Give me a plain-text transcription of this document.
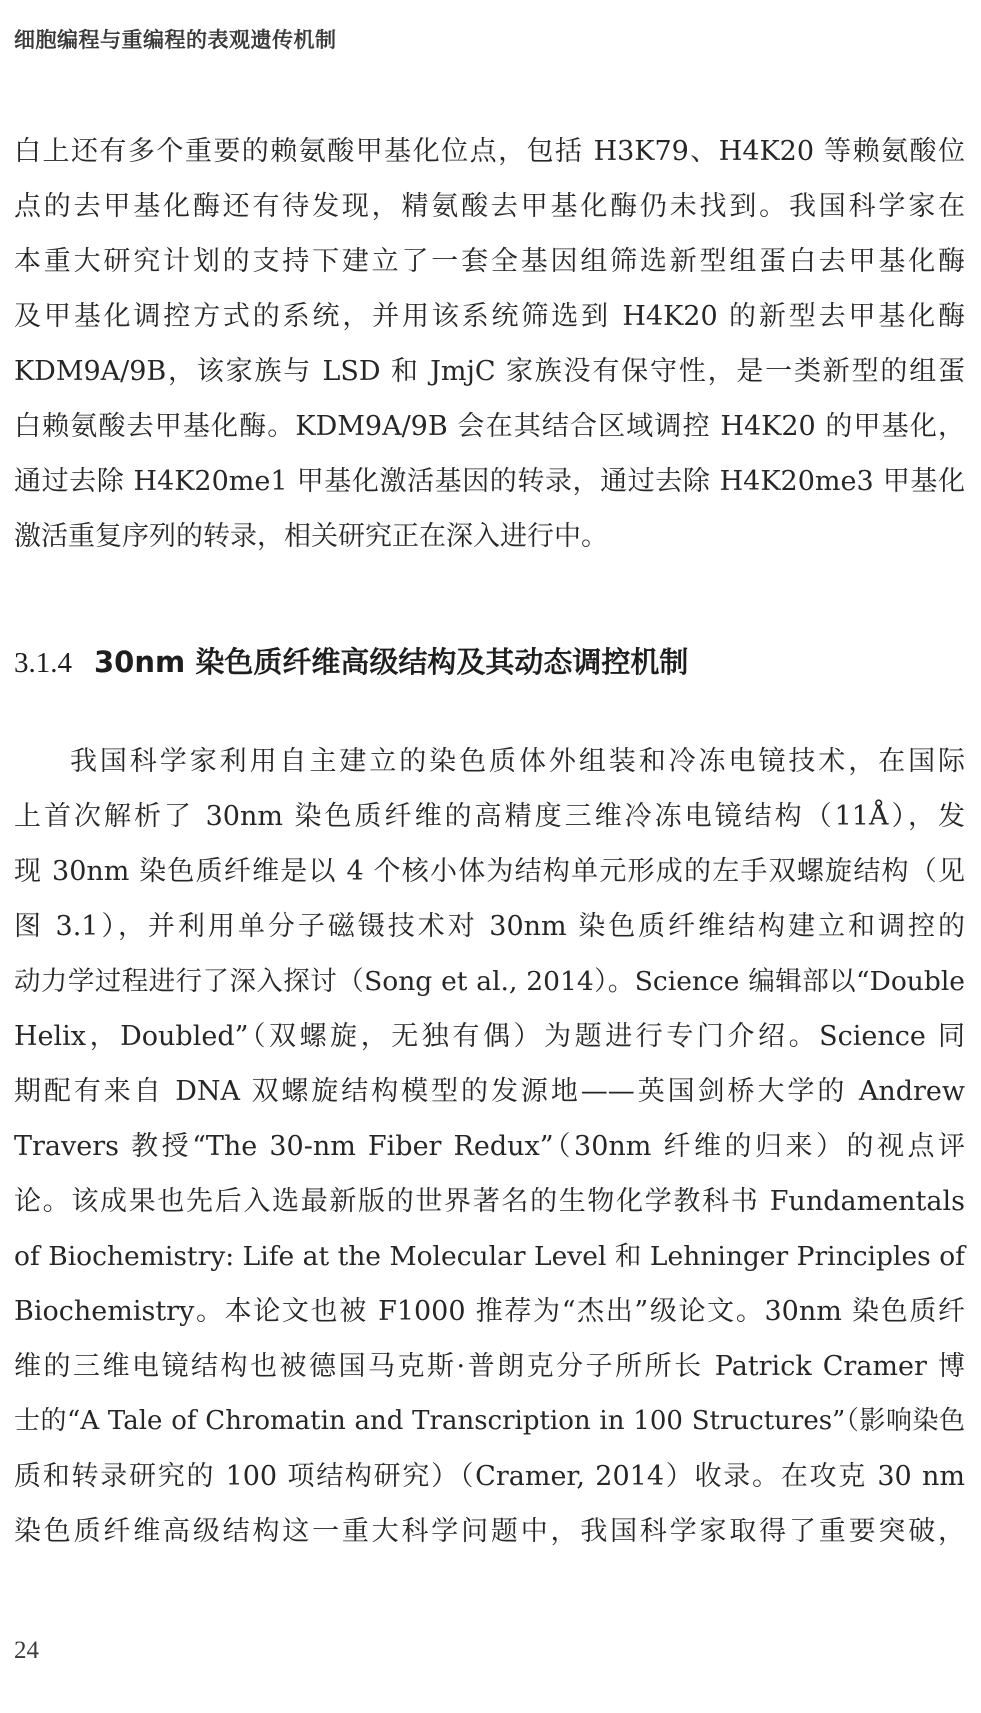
细胞编程与重编程的表观遗传机制
白上还有多个重要的赖氨酸甲基化位点，包括 H3K79、H4K20 等赖氨酸位
点的去甲基化酶还有待发现，精氨酸去甲基化酶仍未找到。我国科学家在
本重大研究计划的支持下建立了一套全基因组筛选新型组蛋白去甲基化酶
及甲基化调控方式的系统，并用该系统筛选到 H4K20 的新型去甲基化酶
KDM9A/9B，该家族与 LSD 和 JmjC 家族没有保守性，是一类新型的组蛋
白赖氨酸去甲基化酶。KDM9A/9B 会在其结合区域调控 H4K20 的甲基化，
通过去除 H4K20me1 甲基化激活基因的转录，通过去除 H4K20me3 甲基化
激活重复序列的转录，相关研究正在深入进行中。
3.1.4 30nm 染色质纤维高级结构及其动态调控机制
我国科学家利用自主建立的染色质体外组装和冷冻电镜技术，在国际
上首次解析了 30nm 染色质纤维的高精度三维冷冻电镜结构（11Å），发
现 30nm 染色质纤维是以 4 个核小体为结构单元形成的左手双螺旋结构（见
图 3.1），并利用单分子磁镊技术对 30nm 染色质纤维结构建立和调控的
动力学过程进行了深入探讨（Song et al., 2014）。Science 编辑部以“Double
Helix，Doubled”（双螺旋，无独有偶）为题进行专门介绍。Science 同
期配有来自 DNA 双螺旋结构模型的发源地——英国剑桥大学的 Andrew
Travers 教授“The 30-nm Fiber Redux”（30nm 纤维的归来）的视点评
论。该成果也先后入选最新版的世界著名的生物化学教科书 Fundamentals
of Biochemistry: Life at the Molecular Level 和 Lehninger Principles of
Biochemistry。本论文也被 F1000 推荐为“杰出”级论文。30nm 染色质纤
维的三维电镜结构也被德国马克斯·普朗克分子所所长 Patrick Cramer 博
士的“A Tale of Chromatin and Transcription in 100 Structures”（影响染色
质和转录研究的 100 项结构研究）（Cramer, 2014）收录。在攻克 30 nm
染色质纤维高级结构这一重大科学问题中，我国科学家取得了重要突破，
24
